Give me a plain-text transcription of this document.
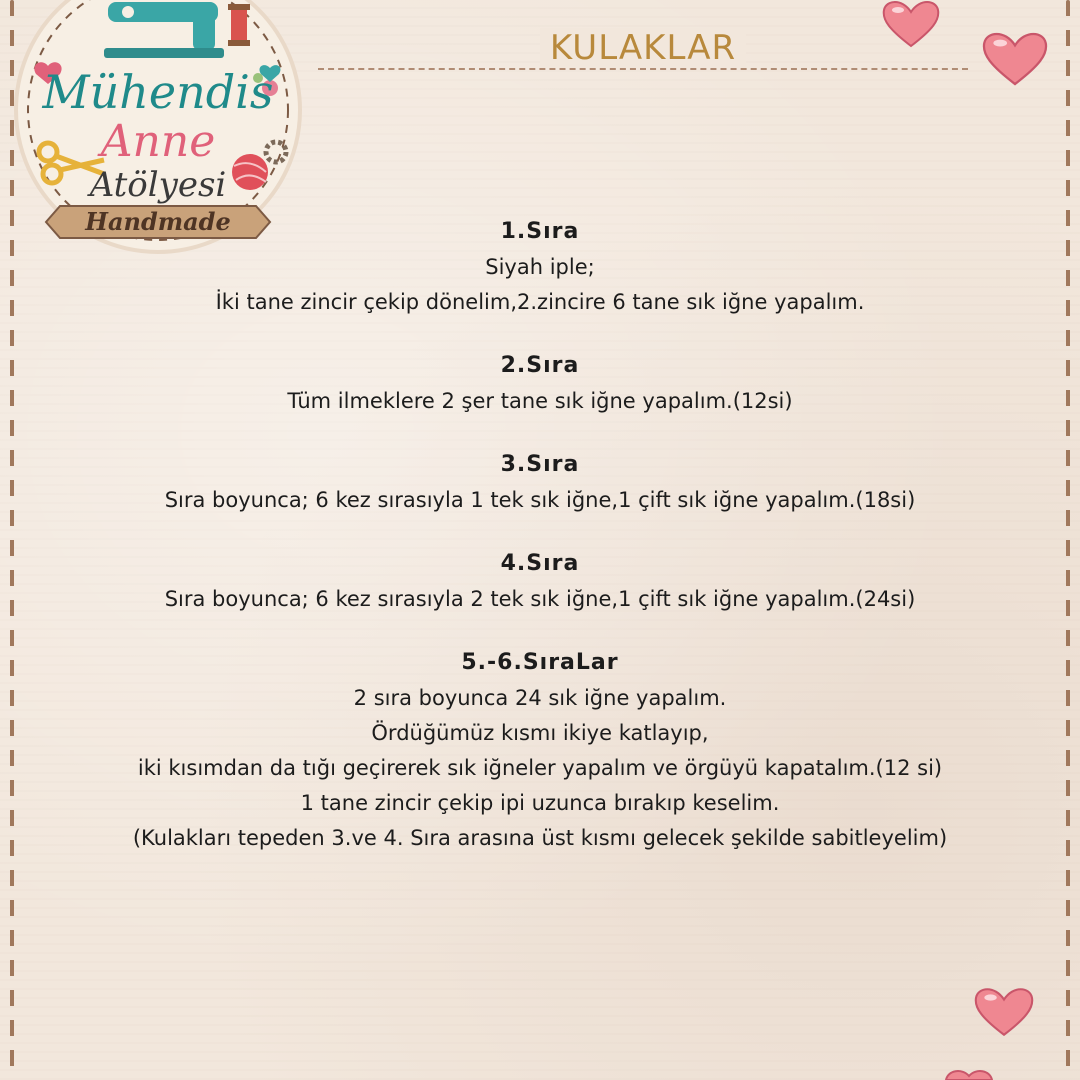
Mühendis
Anne
Atölyesi
Handmade
KULAKLAR
1.Sıra

Siyah iple;

İki tane zincir çekip dönelim,2.zincire 6 tane sık iğne yapalım.

2.Sıra

Tüm ilmeklere 2 şer tane sık iğne yapalım.(12si)

3.Sıra

Sıra boyunca; 6 kez sırasıyla 1 tek sık iğne,1 çift sık iğne yapalım.(18si)

4.Sıra

Sıra boyunca; 6 kez sırasıyla 2 tek sık iğne,1 çift sık iğne yapalım.(24si)

5.-6.SıraLar

2 sıra boyunca 24 sık iğne yapalım.

Ördüğümüz kısmı ikiye katlayıp,

iki kısımdan da tığı geçirerek sık iğneler yapalım ve örgüyü kapatalım.(12 si)

1 tane zincir çekip ipi uzunca bırakıp keselim.

(Kulakları tepeden 3.ve 4. Sıra arasına üst kısmı gelecek şekilde sabitleyelim)
